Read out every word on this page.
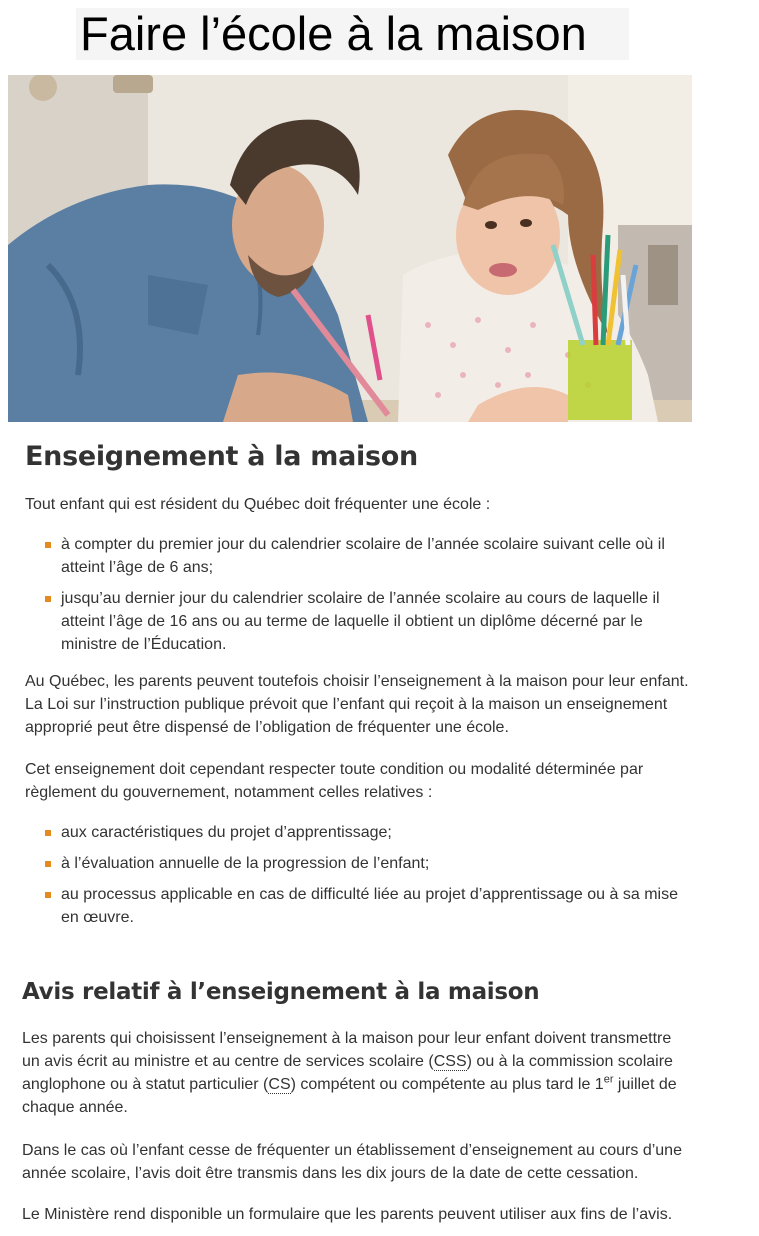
Faire l’école à la maison
Enseignement à la maison

Tout enfant qui est résident du Québec doit fréquenter une école :

à compter du premier jour du calendrier scolaire de l’année scolaire suivant celle où il
atteint l’âge de 6 ans;
jusqu’au dernier jour du calendrier scolaire de l’année scolaire au cours de laquelle il
atteint l’âge de 16 ans ou au terme de laquelle il obtient un diplôme décerné par le
ministre de l’Éducation.

Au Québec, les parents peuvent toutefois choisir l’enseignement à la maison pour leur enfant.
La Loi sur l’instruction publique prévoit que l’enfant qui reçoit à la maison un enseignement
approprié peut être dispensé de l’obligation de fréquenter une école.

Cet enseignement doit cependant respecter toute condition ou modalité déterminée par
règlement du gouvernement, notamment celles relatives :

aux caractéristiques du projet d’apprentissage;
à l’évaluation annuelle de la progression de l’enfant;
au processus applicable en cas de difficulté liée au projet d’apprentissage ou à sa mise
en œuvre.
Avis relatif à l’enseignement à la maison

Les parents qui choisissent l’enseignement à la maison pour leur enfant doivent transmettre
un avis écrit au ministre et au centre de services scolaire (CSS) ou à la commission scolaire
anglophone ou à statut particulier (CS) compétent ou compétente au plus tard le 1er juillet de
chaque année.

Dans le cas où l’enfant cesse de fréquenter un établissement d’enseignement au cours d’une
année scolaire, l’avis doit être transmis dans les dix jours de la date de cette cessation.

Le Ministère rend disponible un formulaire que les parents peuvent utiliser aux fins de l’avis.
